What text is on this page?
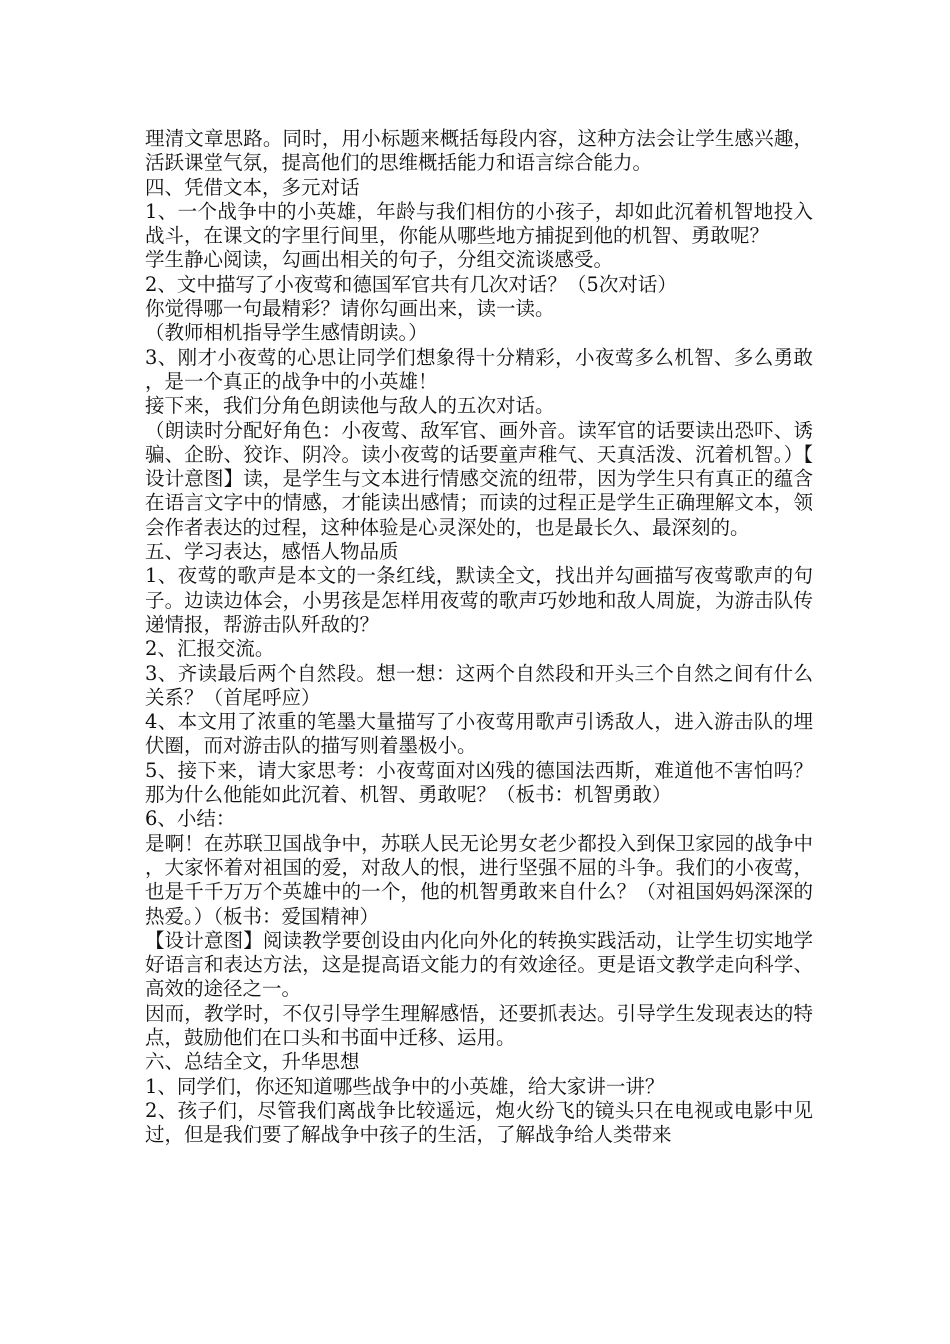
理清文章思路。同时，用小标题来概括每段内容，这种方法会让学生感兴趣，活跃课堂气氛，提高他们的思维概括能力和语言综合能力。

四、凭借文本，多元对话

1、一个战争中的小英雄，年龄与我们相仿的小孩子，却如此沉着机智地投入战斗，在课文的字里行间里，你能从哪些地方捕捉到他的机智、勇敢呢？

学生静心阅读，勾画出相关的句子，分组交流谈感受。

2、文中描写了小夜莺和德国军官共有几次对话？（5次对话）

你觉得哪一句最精彩？请你勾画出来，读一读。

（教师相机指导学生感情朗读。）

3、刚才小夜莺的心思让同学们想象得十分精彩，小夜莺多么机智、多么勇敢，是一个真正的战争中的小英雄！

接下来，我们分角色朗读他与敌人的五次对话。

（朗读时分配好角色：小夜莺、敌军官、画外音。读军官的话要读出恐吓、诱骗、企盼、狡诈、阴冷。读小夜莺的话要童声稚气、天真活泼、沉着机智。）【设计意图】读，是学生与文本进行情感交流的纽带，因为学生只有真正的蕴含在语言文字中的情感，才能读出感情；而读的过程正是学生正确理解文本，领会作者表达的过程，这种体验是心灵深处的，也是最长久、最深刻的。

五、学习表达，感悟人物品质

1、夜莺的歌声是本文的一条红线，默读全文，找出并勾画描写夜莺歌声的句子。边读边体会，小男孩是怎样用夜莺的歌声巧妙地和敌人周旋，为游击队传递情报，帮游击队歼敌的？

2、汇报交流。

3、齐读最后两个自然段。想一想：这两个自然段和开头三个自然之间有什么关系？（首尾呼应）

4、本文用了浓重的笔墨大量描写了小夜莺用歌声引诱敌人，进入游击队的埋伏圈，而对游击队的描写则着墨极小。

5、接下来，请大家思考：小夜莺面对凶残的德国法西斯，难道他不害怕吗？那为什么他能如此沉着、机智、勇敢呢？（板书：机智勇敢）

6、小结：

是啊！在苏联卫国战争中，苏联人民无论男女老少都投入到保卫家园的战争中，大家怀着对祖国的爱，对敌人的恨，进行坚强不屈的斗争。我们的小夜莺，也是千千万万个英雄中的一个，他的机智勇敢来自什么？（对祖国妈妈深深的热爱。）（板书：爱国精神）

【设计意图】阅读教学要创设由内化向外化的转换实践活动，让学生切实地学好语言和表达方法，这是提高语文能力的有效途径。更是语文教学走向科学、高效的途径之一。

因而，教学时，不仅引导学生理解感悟，还要抓表达。引导学生发现表达的特点，鼓励他们在口头和书面中迁移、运用。

六、总结全文，升华思想

1、同学们，你还知道哪些战争中的小英雄，给大家讲一讲？

2、孩子们，尽管我们离战争比较遥远，炮火纷飞的镜头只在电视或电影中见过，但是我们要了解战争中孩子的生活，了解战争给人类带来
